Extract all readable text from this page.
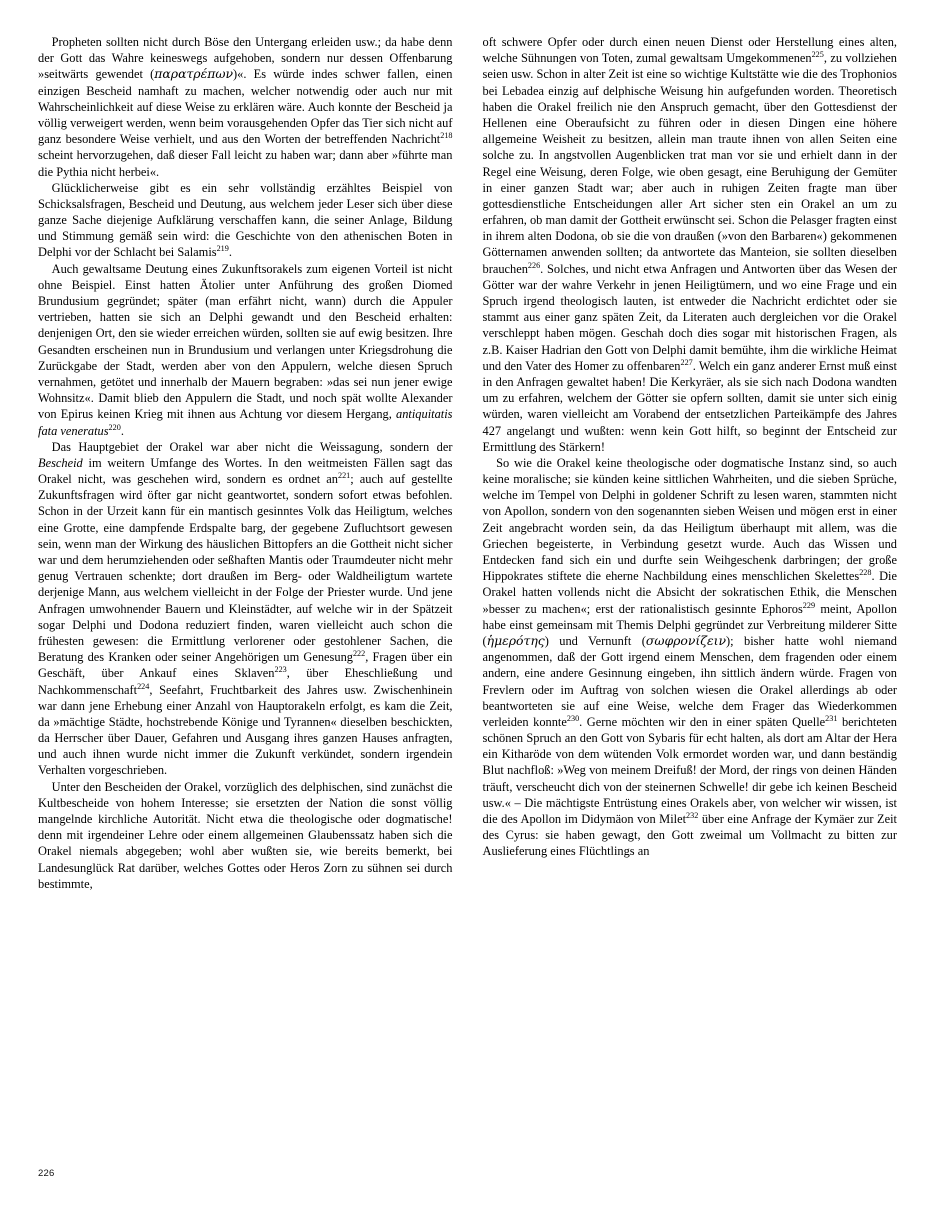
Propheten sollten nicht durch Böse den Untergang erleiden usw.; da habe denn der Gott das Wahre keineswegs aufgehoben, sondern nur dessen Offenbarung »seitwärts gewendet (παρατρέπων)«. Es würde indes schwer fallen, einen einzigen Bescheid namhaft zu machen, welcher notwendig oder auch nur mit Wahrscheinlichkeit auf diese Weise zu erklären wäre. Auch konnte der Bescheid ja völlig verweigert werden, wenn beim vorausgehenden Opfer das Tier sich nicht auf ganz besondere Weise verhielt, und aus den Worten der betreffenden Nachricht$^{218}$ scheint hervorzugehen, daß dieser Fall leicht zu haben war; dann aber »führte man die Pythia nicht herbei«.

Glücklicherweise gibt es ein sehr vollständig erzähltes Beispiel von Schicksalsfragen, Bescheid und Deutung, aus welchem jeder Leser sich über diese ganze Sache diejenige Aufklärung verschaffen kann, die seiner Anlage, Bildung und Stimmung gemäß sein wird: die Geschichte von den athenischen Boten in Delphi vor der Schlacht bei Salamis$^{219}$.

Auch gewaltsame Deutung eines Zukunftsorakels zum eigenen Vorteil ist nicht ohne Beispiel. Einst hatten Ätolier unter Anführung des großen Diomed Brundusium gegründet; später (man erfährt nicht, wann) durch die Appuler vertrieben, hatten sie sich an Delphi gewandt und den Bescheid erhalten: denjenigen Ort, den sie wieder erreichen würden, sollten sie auf ewig besitzen. Ihre Gesandten erscheinen nun in Brundusium und verlangen unter Kriegsdrohung die Zurückgabe der Stadt, werden aber von den Appulern, welche diesen Spruch vernahmen, getötet und innerhalb der Mauern begraben: »das sei nun jener ewige Wohnsitz«. Damit blieb den Appulern die Stadt, und noch spät wollte Alexander von Epirus keinen Krieg mit ihnen aus Achtung vor diesem Hergang, antiquitatis fata veneratus$^{220}$.

Das Hauptgebiet der Orakel war aber nicht die Weissagung, sondern der Bescheid im weitern Umfange des Wortes. In den weitmeisten Fällen sagt das Orakel nicht, was geschehen wird, sondern es ordnet $an^{221}$; auch auf gestellte Zukunftsfragen wird öfter gar nicht geantwortet, sondern sofort etwas befohlen. Schon in der Urzeit kann für ein mantisch gesinntes Volk das Heiligtum, welches eine Grotte, eine dampfende Erdspalte barg, der gegebene Zufluchtsort gewesen sein, wenn man der Wirkung des häuslichen Bittopfers an die Gottheit nicht sicher war und dem herumziehenden oder seßhaften Mantis oder Traumdeuter nicht mehr genug Vertrauen schenkte; dort draußen im Berg- oder Waldheiligtum wartete derjenige Mann, aus welchem vielleicht in der Folge der Priester wurde. Und jene Anfragen umwohnender Bauern und Kleinstädter, auf welche wir in der Spätzeit sogar Delphi und Dodona reduziert finden, waren vielleicht auch schon die frühesten gewesen: die Ermittlung verlorener oder gestohlener Sachen, die Beratung des Kranken oder seiner Angehörigen um Genesung$^{222}$, Fragen über ein Geschäft, über Ankauf eines Sklaven$^{223}$, über Eheschließung und Nachkommenschaft$^{224}$, Seefahrt, Fruchtbarkeit des Jahres usw. Zwischenhinein war dann jene Erhebung einer Anzahl von Hauptorakeln erfolgt, es kam die Zeit, da »mächtige Städte, hochstrebende Könige und Tyrannen« dieselben beschickten, da Herrscher über Dauer, Gefahren und Ausgang ihres ganzen Hauses anfragten, und auch ihnen wurde nicht immer die Zukunft verkündet, sondern irgendein Verhalten vorgeschrieben.

Unter den Bescheiden der Orakel, vorzüglich des delphischen, sind zunächst die Kultbescheide von hohem Interesse; sie ersetzten der Nation die sonst völlig mangelnde kirchliche Autorität. Nicht etwa die theologische oder dogmatische! denn mit irgendeiner Lehre oder einem allgemeinen Glaubenssatz haben sich die Orakel niemals abgegeben; wohl aber wußten sie, wie bereits bemerkt, bei Landesunglück Rat darüber, welches Gottes oder Heros Zorn zu sühnen sei durch bestimmte,

oft schwere Opfer oder durch einen neuen Dienst oder Herstellung eines alten, welche Sühnungen von Toten, zumal gewaltsam Umgekommenen$^{225}$, zu vollziehen seien usw. Schon in alter Zeit ist eine so wichtige Kultstätte wie die des Trophonios bei Lebadea einzig auf delphische Weisung hin aufgefunden worden. Theoretisch haben die Orakel freilich nie den Anspruch gemacht, über den Gottesdienst der Hellenen eine Oberaufsicht zu führen oder in diesen Dingen eine höhere allgemeine Weisheit zu besitzen, allein man traute ihnen von allen Seiten eine solche zu. In angstvollen Augenblicken trat man vor sie und erhielt dann in der Regel eine Weisung, deren Folge, wie oben gesagt, eine Beruhigung der Gemüter in einer ganzen Stadt war; aber auch in ruhigen Zeiten fragte man über gottesdienstliche Entscheidungen aller Art sicher sten ein Orakel an um zu erfahren, ob man damit der Gottheit erwünscht sei. Schon die Pelasger fragten einst in ihrem alten Dodona, ob sie die von draußen (»von den Barbaren«) gekommenen Götternamen anwenden sollten; da antwortete das Manteion, sie sollten dieselben brauchen$^{226}$. Solches, und nicht etwa Anfragen und Antworten über das Wesen der Götter war der wahre Verkehr in jenen Heiligtümern, und wo eine Frage und ein Spruch irgend theologisch lauten, ist entweder die Nachricht erdichtet oder sie stammt aus einer ganz späten Zeit, da Literaten auch dergleichen vor die Orakel verschleppt haben mögen. Geschah doch dies sogar mit historischen Fragen, als z.B. Kaiser Hadrian den Gott von Delphi damit bemühte, ihm die wirkliche Heimat und den Vater des Homer zu offenbaren$^{227}$. Welch ein ganz anderer Ernst muß einst in den Anfragen gewaltet haben! Die Kerkyräer, als sie sich nach Dodona wandten um zu erfahren, welchem der Götter sie opfern sollten, damit sie unter sich einig würden, waren vielleicht am Vorabend der entsetzlichen Parteikämpfe des Jahres 427 angelangt und wußten: wenn kein Gott hilft, so beginnt der Entscheid zur Ermittlung des Stärkern!

So wie die Orakel keine theologische oder dogmatische Instanz sind, so auch keine moralische; sie künden keine sittlichen Wahrheiten, und die sieben Sprüche, welche im Tempel von Delphi in goldener Schrift zu lesen waren, stammten nicht von Apollon, sondern von den sogenannten sieben Weisen und mögen erst in einer Zeit angebracht worden sein, da das Heiligtum überhaupt mit allem, was die Griechen begeisterte, in Verbindung gesetzt wurde. Auch das Wissen und Entdecken fand sich ein und durfte sein Weihgeschenk darbringen; der große Hippokrates stiftete die eherne Nachbildung eines menschlichen Skelettes$^{228}$. Die Orakel hatten vollends nicht die Absicht der sokratischen Ethik, die Menschen »besser zu machen«; erst der rationalistisch gesinnte Ephoros$^{229}$ meint, Apollon habe einst gemeinsam mit Themis Delphi gegründet zur Verbreitung milderer Sitte (ἡμερότης) und Vernunft (σωφρονίζειν); bisher hatte wohl niemand angenommen, daß der Gott irgend einem Menschen, dem fragenden oder einem andern, eine andere Gesinnung eingeben, ihn sittlich ändern würde. Fragen von Frevlern oder im Auftrag von solchen wiesen die Orakel allerdings ab oder beantworteten sie auf eine Weise, welche dem Frager das Wiederkommen verleiden konnte$^{230}$. Gerne möchten wir den in einer späten Quelle$^{231}$ berichteten schönen Spruch an den Gott von Sybaris für echt halten, als dort am Altar der Hera ein Kitharöde von dem wütenden Volk ermordet worden war, und dann beständig Blut nachfloß: »Weg von meinem Dreifuß! der Mord, der rings von deinen Händen träuft, verscheucht dich von der steinernen Schwelle! dir gebe ich keinen Bescheid usw.« – Die mächtigste Entrüstung eines Orakels aber, von welcher wir wissen, ist die des Apollon im Didymäon von Milet$^{232}$ über eine Anfrage der Kymäer zur Zeit des Cyrus: sie haben gewagt, den Gott zweimal um Vollmacht zu bitten zur Auslieferung eines Flüchtlings an

226
